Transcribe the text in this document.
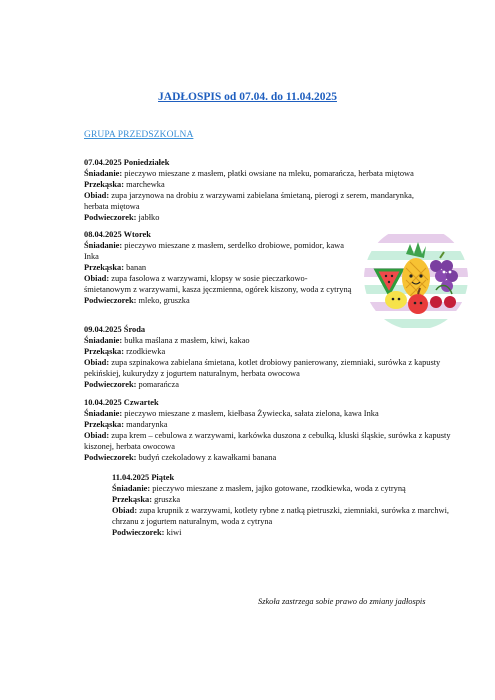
JADŁOSPIS od 07.04. do 11.04.2025
GRUPA PRZEDSZKOLNA
07.04.2025 Poniedziałek
Śniadanie: pieczywo mieszane z masłem, płatki owsiane na mleku, pomarańcza, herbata miętowa
Przekąska: marchewka
Obiad: zupa jarzynowa na drobiu z warzywami zabielana śmietaną, pierogi z serem, mandarynka, herbata miętowa
Podwieczorek: jabłko
08.04.2025 Wtorek
Śniadanie: pieczywo mieszane z masłem, serdelko drobiowe, pomidor, kawa Inka
Przekąska: banan
Obiad: zupa fasolowa z warzywami, klopsy w sosie pieczarkowo-śmietanowym z warzywami, kasza jęczmienna, ogórek kiszony, woda z cytryną
Podwieczorek: mleko, gruszka
09.04.2025 Środa
Śniadanie: bułka maślana z masłem, kiwi, kakao
Przekąska: rzodkiewka
Obiad: zupa szpinakowa zabielana śmietana, kotlet drobiowy panierowany, ziemniaki, surówka z kapusty pekińskiej, kukurydzy z jogurtem naturalnym, herbata owocowa
Podwieczorek: pomarańcza
10.04.2025 Czwartek
Śniadanie: pieczywo mieszane z masłem, kiełbasa Żywiecka, sałata zielona, kawa Inka
Przekąska: mandarynka
Obiad: zupa krem – cebulowa z warzywami, karkówka duszona z cebulką, kluski śląskie, surówka z kapusty kiszonej, herbata owocowa
Podwieczorek: budyń czekoladowy z kawałkami banana
11.04.2025 Piątek
Śniadanie: pieczywo mieszane z masłem, jajko gotowane, rzodkiewka, woda z cytryną
Przekąska: gruszka
Obiad: zupa krupnik z warzywami, kotlety rybne z natką pietruszki, ziemniaki, surówka z marchwi, chrzanu z jogurtem naturalnym, woda z cytryna
Podwieczorek: kiwi
Szkoła zastrzega sobie prawo do zmiany jadłospis
